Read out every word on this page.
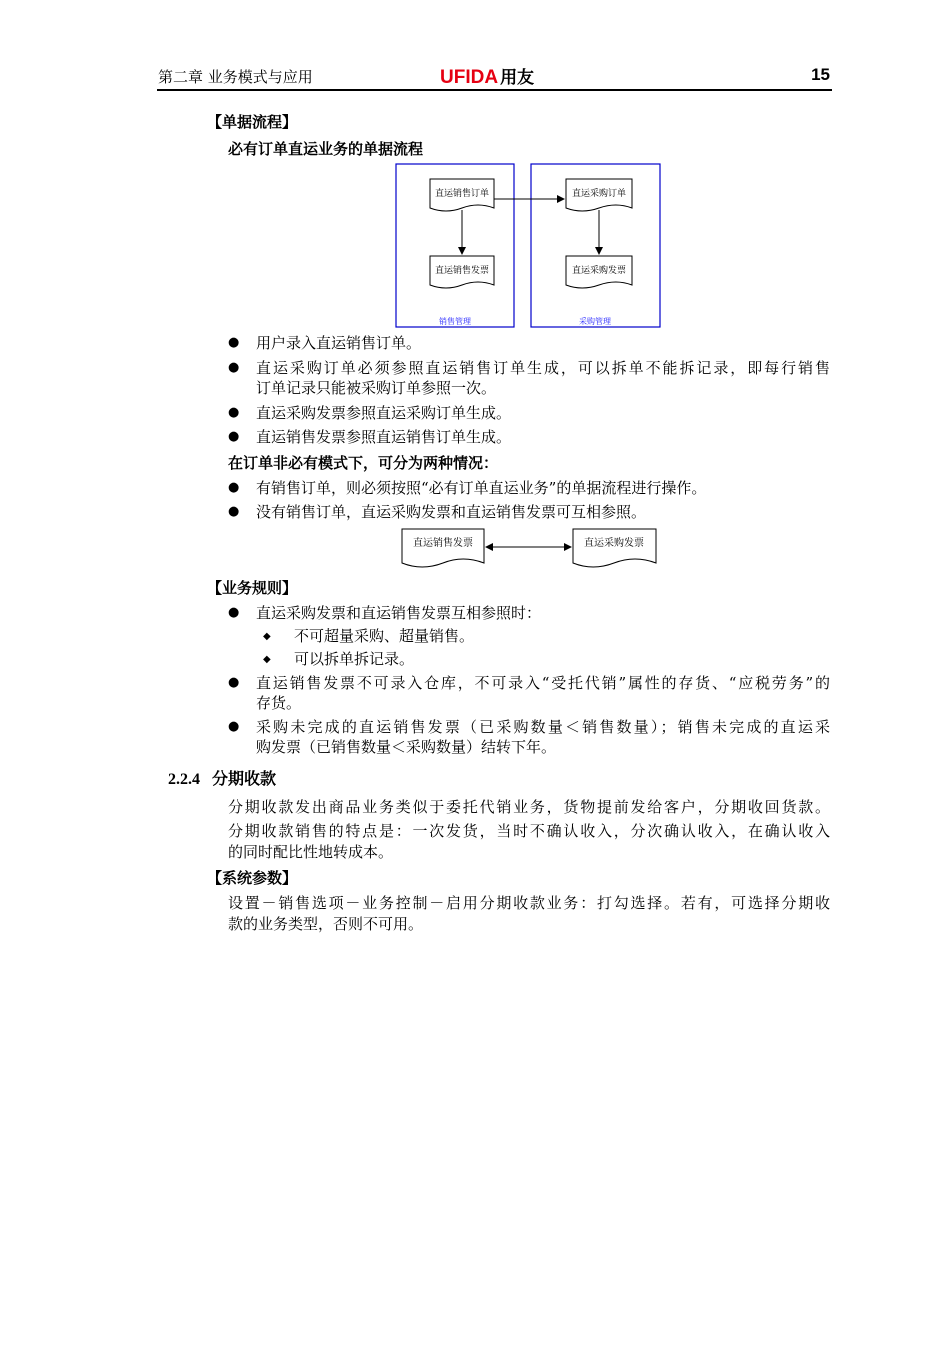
第二章 业务模式与应用	UFIDA 用友	15
【单据流程】
必有订单直运业务的单据流程
直运销售订单
直运销售发票
直运采购订单
直运采购发票
销售管理	采购管理
● 用户录入直运销售订单。
● 直运采购订单必须参照直运销售订单生成，可以拆单不能拆记录，即每行销售
订单记录只能被采购订单参照一次。
● 直运采购发票参照直运采购订单生成。
● 直运销售发票参照直运销售订单生成。
在订单非必有模式下，可分为两种情况：
● 有销售订单，则必须按照“必有订单直运业务”的单据流程进行操作。
● 没有销售订单，直运采购发票和直运销售发票可互相参照。
直运销售发票	直运采购发票
【业务规则】
● 直运采购发票和直运销售发票互相参照时：
◆ 不可超量采购、超量销售。
◆ 可以拆单拆记录。
● 直运销售发票不可录入仓库，不可录入“受托代销”属性的存货、“应税劳务”的
存货。
● 采购未完成的直运销售发票（已采购数量＜销售数量）；销售未完成的直运采
购发票（已销售数量＜采购数量）结转下年。
2.2.4 分期收款
分期收款发出商品业务类似于委托代销业务，货物提前发给客户，分期收回货款。
分期收款销售的特点是：一次发货，当时不确认收入，分次确认收入，在确认收入
的同时配比性地转成本。
【系统参数】
设置－销售选项－业务控制－启用分期收款业务：打勾选择。若有，可选择分期收
款的业务类型，否则不可用。
